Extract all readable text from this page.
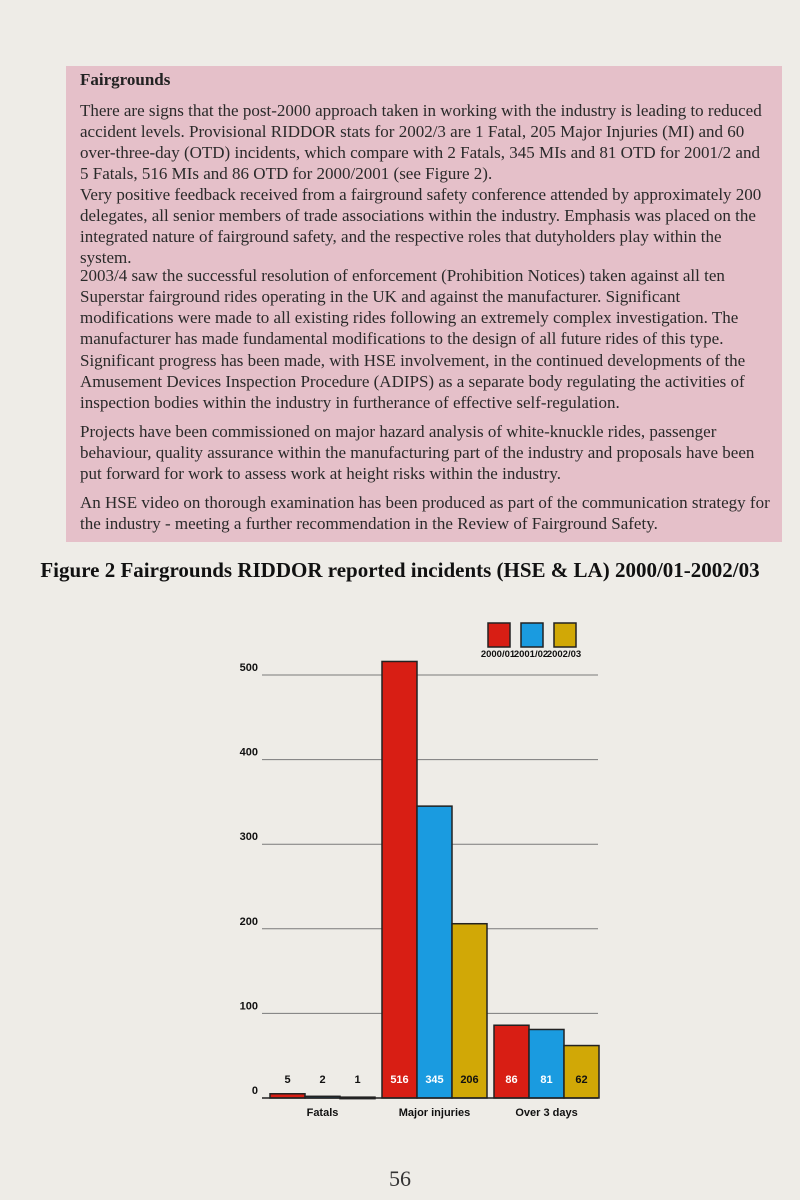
Fairgrounds
There are signs that the post-2000 approach taken in working with the industry is leading to reduced accident levels. Provisional RIDDOR stats for 2002/3 are 1 Fatal, 205 Major Injuries (MI) and 60 over-three-day (OTD) incidents, which compare with 2 Fatals, 345 MIs and 81 OTD for 2001/2 and 5 Fatals, 516 MIs and 86 OTD for 2000/2001 (see Figure 2).
Very positive feedback received from a fairground safety conference attended by approximately 200 delegates, all senior members of trade associations within the industry. Emphasis was placed on the integrated nature of fairground safety, and the respective roles that dutyholders play within the system.
2003/4 saw the successful resolution of enforcement (Prohibition Notices) taken against all ten Superstar fairground rides operating in the UK and against the manufacturer. Significant modifications were made to all existing rides following an extremely complex investigation. The manufacturer has made fundamental modifications to the design of all future rides of this type.
Significant progress has been made, with HSE involvement, in the continued developments of the Amusement Devices Inspection Procedure (ADIPS) as a separate body regulating the activities of inspection bodies within the industry in furtherance of effective self-regulation.
Projects have been commissioned on major hazard analysis of white-knuckle rides, passenger behaviour, quality assurance within the manufacturing part of the industry and proposals have been put forward for work to assess work at height risks within the industry.
An HSE video on thorough examination has been produced as part of the communication strategy for the industry - meeting a further recommendation in the Review of Fairground Safety.
Figure 2 Fairgrounds RIDDOR reported incidents (HSE & LA) 2000/01-2002/03
0
100
200
300
400
500
5	2	1
Fatals
516 345 206
Major injuries
86 81 62
Over 3 days
2000/01
2001/02
2002/03
56
